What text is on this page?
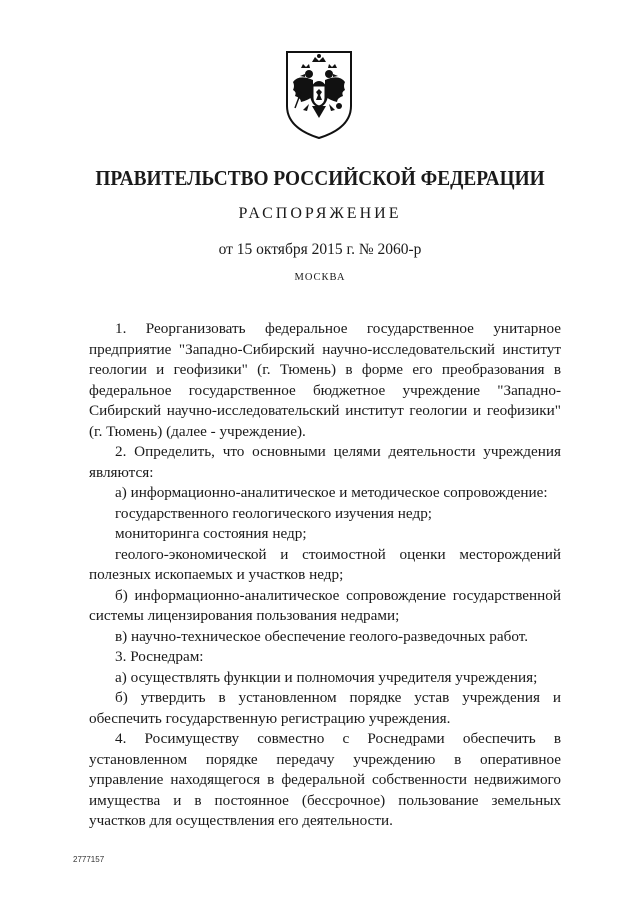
ПРАВИТЕЛЬСТВО РОССИЙСКОЙ ФЕДЕРАЦИИ
РАСПОРЯЖЕНИЕ
от 15 октября 2015 г. № 2060-р
МОСКВА

1. Реорганизовать федеральное государственное унитарное предприятие "Западно-Сибирский научно-исследовательский институт геологии и геофизики" (г. Тюмень) в форме его преобразования в федеральное государственное бюджетное учреждение "Западно-Сибирский научно-исследовательский институт геологии и геофизики" (г. Тюмень) (далее - учреждение).

2. Определить, что основными целями деятельности учреждения являются:

а) информационно-аналитическое и методическое сопровождение:

государственного геологического изучения недр;

мониторинга состояния недр;

геолого-экономической и стоимостной оценки месторождений полезных ископаемых и участков недр;

б) информационно-аналитическое сопровождение государственной системы лицензирования пользования недрами;

в) научно-техническое обеспечение геолого-разведочных работ.

3. Роснедрам:

а) осуществлять функции и полномочия учредителя учреждения;

б) утвердить в установленном порядке устав учреждения и обеспечить государственную регистрацию учреждения.

4. Росимуществу совместно с Роснедрами обеспечить в установленном порядке передачу учреждению в оперативное управление находящегося в федеральной собственности недвижимого имущества и в постоянное (бессрочное) пользование земельных участков для осуществления его деятельности.

2777157
